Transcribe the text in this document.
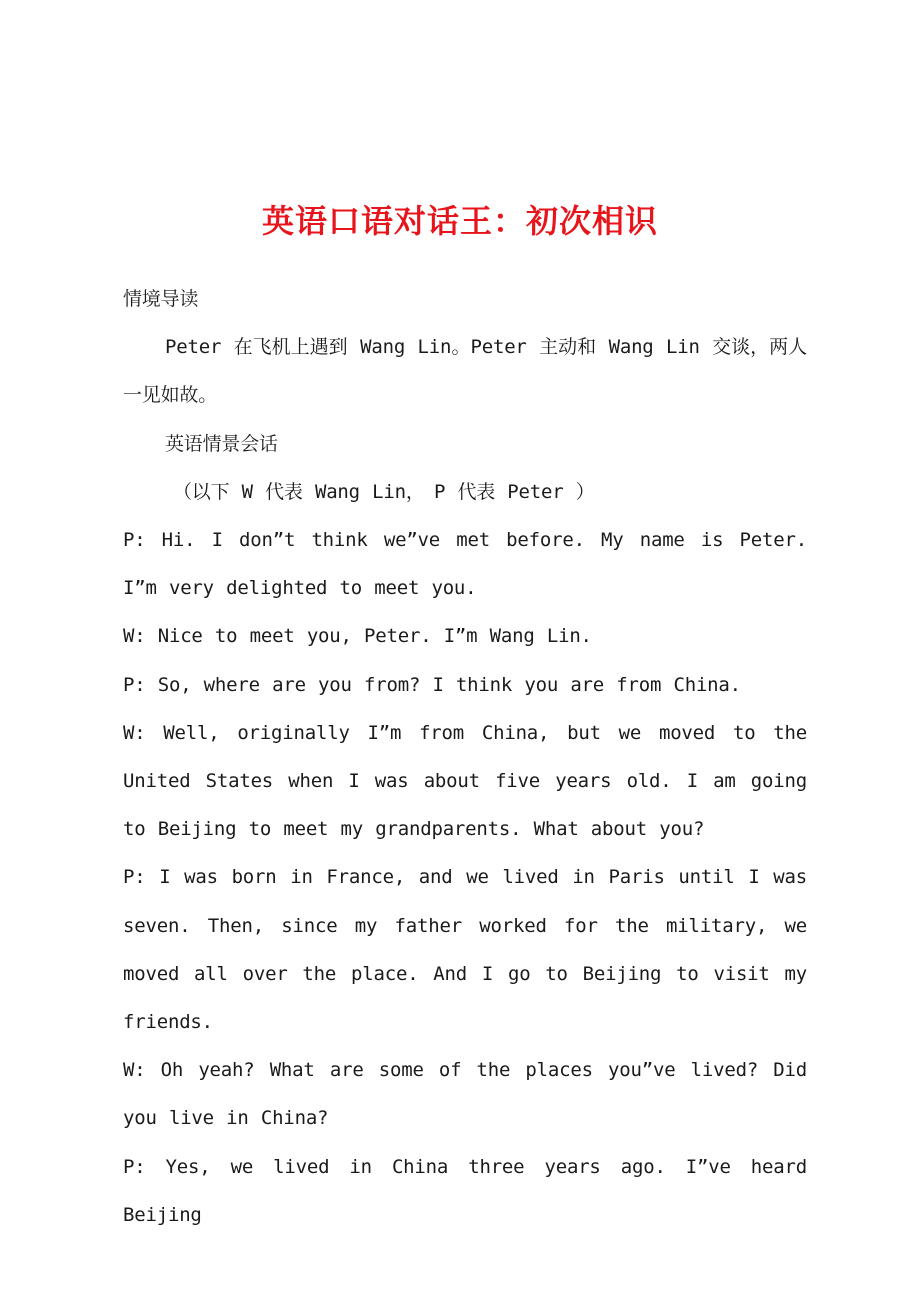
英语口语对话王：初次相识

情境导读

Peter 在飞机上遇到 Wang Lin。Peter 主动和 Wang Lin 交谈，两人一见如故。

英语情景会话

（以下 W 代表 Wang Lin，　P 代表 Peter ）

P: Hi. I don”t think we”ve met before. My name is Peter. I”m very delighted to meet you.

W: Nice to meet you, Peter. I”m Wang Lin.

P: So, where are you from? I think you are from China.

W: Well, originally I”m from China, but we moved to the United States when I was about five years old. I am going to Beijing to meet my grandparents. What about you?

P: I was born in France, and we lived in Paris until I was seven. Then, since my father worked for the military, we moved all over the place. And I go to Beijing to visit my friends.

W: Oh yeah? What are some of the places you”ve lived? Did you live in China?

P: Yes, we lived in China three years ago. I”ve heard Beijing
